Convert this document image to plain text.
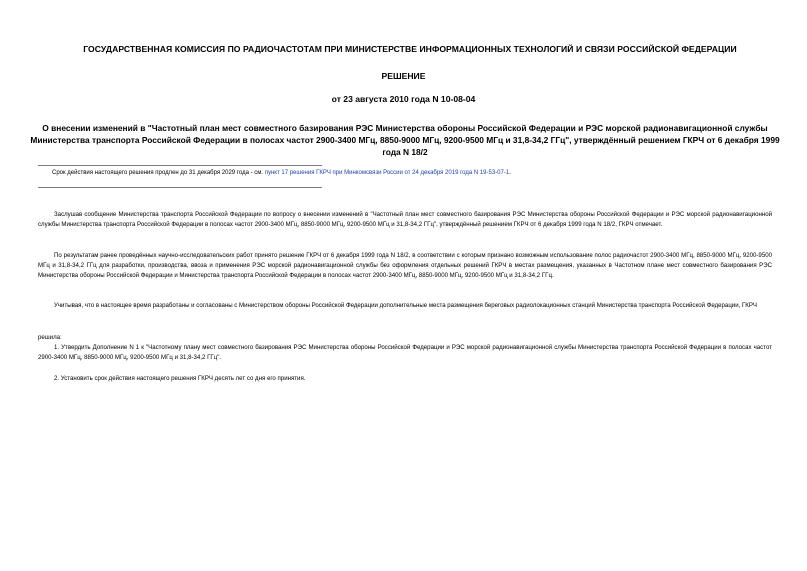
ГОСУДАРСТВЕННАЯ КОМИССИЯ ПО РАДИОЧАСТОТАМ ПРИ МИНИСТЕРСТВЕ ИНФОРМАЦИОННЫХ ТЕХНОЛОГИЙ И СВЯЗИ РОССИЙСКОЙ ФЕДЕРАЦИИ
РЕШЕНИЕ
от 23 августа 2010 года N 10-08-04
О внесении изменений в "Частотный план мест совместного базирования РЭС Министерства обороны Российской Федерации и РЭС морской радионавигационной службы Министерства транспорта Российской Федерации в полосах частот 2900-3400 МГц, 8850-9000 МГц, 9200-9500 МГц и 31,8-34,2 ГГц", утверждённый решением ГКРЧ от 6 декабря 1999 года N 18/2
Срок действия настоящего решения продлен до 31 декабря 2029 года - см. пункт 17 решения ГКРЧ при Минкомсвязи России от 24 декабря 2019 года N 19-53-07-1.
Заслушав сообщение Министерства транспорта Российской Федерации по вопросу о внесении изменений в "Частотный план мест совместного базирования РЭС Министерства обороны Российской Федерации и РЭС морской радионавигационной службы Министерства транспорта Российской Федерации в полосах частот 2900-3400 МГц, 8850-9000 МГц, 9200-9500 МГц и 31,8-34,2 ГГц", утверждённый решением ГКРЧ от 6 декабря 1999 года N 18/2, ГКРЧ отмечает.
По результатам ранее проведённых научно-исследовательских работ принято решение ГКРЧ от 6 декабря 1999 года N 18/2, в соответствии с которым признано возможным использование полос радиочастот 2900-3400 МГц, 8850-9000 МГц, 9200-9500 МГц и 31,8-34,2 ГГц для разработки, производства, ввоза и применения РЭС морской радионавигационной службы без оформления отдельных решений ГКРЧ в местах размещения, указанных в Частотном плане мест совместного базирования РЭС Министерства обороны Российской Федерации и Министерства транспорта Российской Федерации в полосах частот 2900-3400 МГц, 8850-9000 МГц, 9200-9500 МГц и 31,8-34,2 ГГц.
Учитывая, что в настоящее время разработаны и согласованы с Министерством обороны Российской Федерации дополнительные места размещения береговых радиолокационных станций Министерства транспорта Российской Федерации, ГКРЧ
решила:
1. Утвердить Дополнение N 1 к "Частотному плану мест совместного базирования РЭС Министерства обороны Российской Федерации и РЭС морской радионавигационной службы Министерства транспорта Российской Федерации в полосах частот 2900-3400 МГц, 8850-9000 МГц, 9200-9500 МГц и 31,8-34,2 ГГц".
2. Установить срок действия настоящего решения ГКРЧ десять лет со дня его принятия.
